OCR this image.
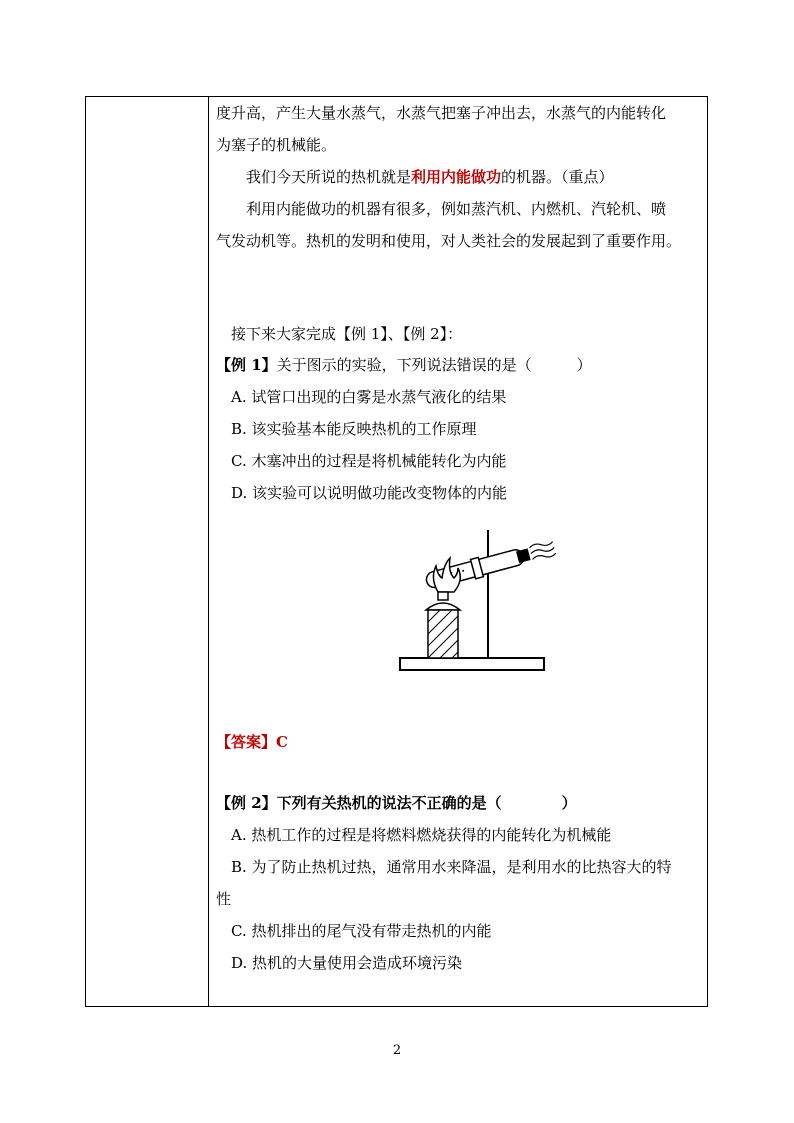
度升高，产生大量水蒸气，水蒸气把塞子冲出去，水蒸气的内能转化
为塞子的机械能。
我们今天所说的热机就是利用内能做功的机器。（重点）
利用内能做功的机器有很多，例如蒸汽机、内燃机、汽轮机、喷
气发动机等。热机的发明和使用，对人类社会的发展起到了重要作用。
接下来大家完成【例 1】、【例 2】：
【例 1】关于图示的实验，下列说法错误的是（　　　）
A. 试管口出现的白雾是水蒸气液化的结果
B. 该实验基本能反映热机的工作原理
C. 木塞冲出的过程是将机械能转化为内能
D. 该实验可以说明做功能改变物体的内能
【答案】C
【例 2】下列有关热机的说法不正确的是（　　　　）
A. 热机工作的过程是将燃料燃烧获得的内能转化为机械能
B. 为了防止热机过热，通常用水来降温，是利用水的比热容大的特
性
C. 热机排出的尾气没有带走热机的内能
D. 热机的大量使用会造成环境污染
2
